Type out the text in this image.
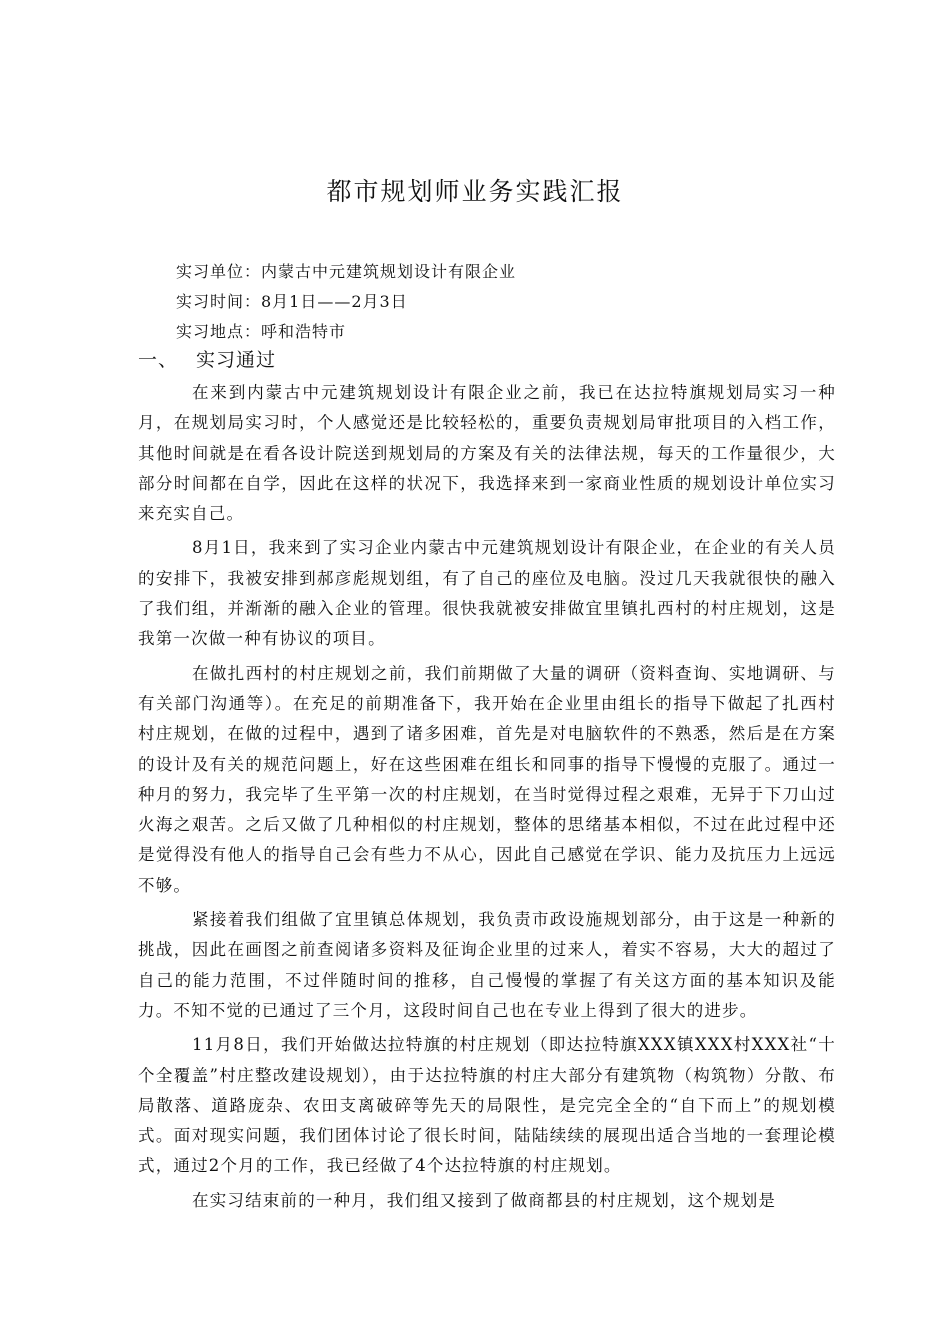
都市规划师业务实践汇报
实习单位：内蒙古中元建筑规划设计有限企业
实习时间：8月1日——2月3日
实习地点：呼和浩特市
一、 实习通过

在来到内蒙古中元建筑规划设计有限企业之前，我已在达拉特旗规划局实习一种月，在规划局实习时，个人感觉还是比较轻松的，重要负责规划局审批项目的入档工作，其他时间就是在看各设计院送到规划局的方案及有关的法律法规，每天的工作量很少，大部分时间都在自学，因此在这样的状况下，我选择来到一家商业性质的规划设计单位实习来充实自己。

8月1日，我来到了实习企业内蒙古中元建筑规划设计有限企业，在企业的有关人员的安排下，我被安排到郝彦彪规划组，有了自己的座位及电脑。没过几天我就很快的融入了我们组，并渐渐的融入企业的管理。很快我就被安排做宜里镇扎西村的村庄规划，这是我第一次做一种有协议的项目。

在做扎西村的村庄规划之前，我们前期做了大量的调研（资料查询、实地调研、与有关部门沟通等）。在充足的前期准备下，我开始在企业里由组长的指导下做起了扎西村村庄规划，在做的过程中，遇到了诸多困难，首先是对电脑软件的不熟悉，然后是在方案的设计及有关的规范问题上，好在这些困难在组长和同事的指导下慢慢的克服了。通过一种月的努力，我完毕了生平第一次的村庄规划，在当时觉得过程之艰难，无异于下刀山过火海之艰苦。之后又做了几种相似的村庄规划，整体的思绪基本相似，不过在此过程中还是觉得没有他人的指导自己会有些力不从心，因此自己感觉在学识、能力及抗压力上远远不够。

紧接着我们组做了宜里镇总体规划，我负责市政设施规划部分，由于这是一种新的挑战，因此在画图之前查阅诸多资料及征询企业里的过来人，着实不容易，大大的超过了自己的能力范围，不过伴随时间的推移，自己慢慢的掌握了有关这方面的基本知识及能力。不知不觉的已通过了三个月，这段时间自己也在专业上得到了很大的进步。

11月8日，我们开始做达拉特旗的村庄规划（即达拉特旗XXX镇XXX村XXX社“十个全覆盖”村庄整改建设规划），由于达拉特旗的村庄大部分有建筑物（构筑物）分散、布局散落、道路庞杂、农田支离破碎等先天的局限性，是完完全全的“自下而上”的规划模式。面对现实问题，我们团体讨论了很长时间，陆陆续续的展现出适合当地的一套理论模式，通过2个月的工作，我已经做了4个达拉特旗的村庄规划。

在实习结束前的一种月，我们组又接到了做商都县的村庄规划，这个规划是
